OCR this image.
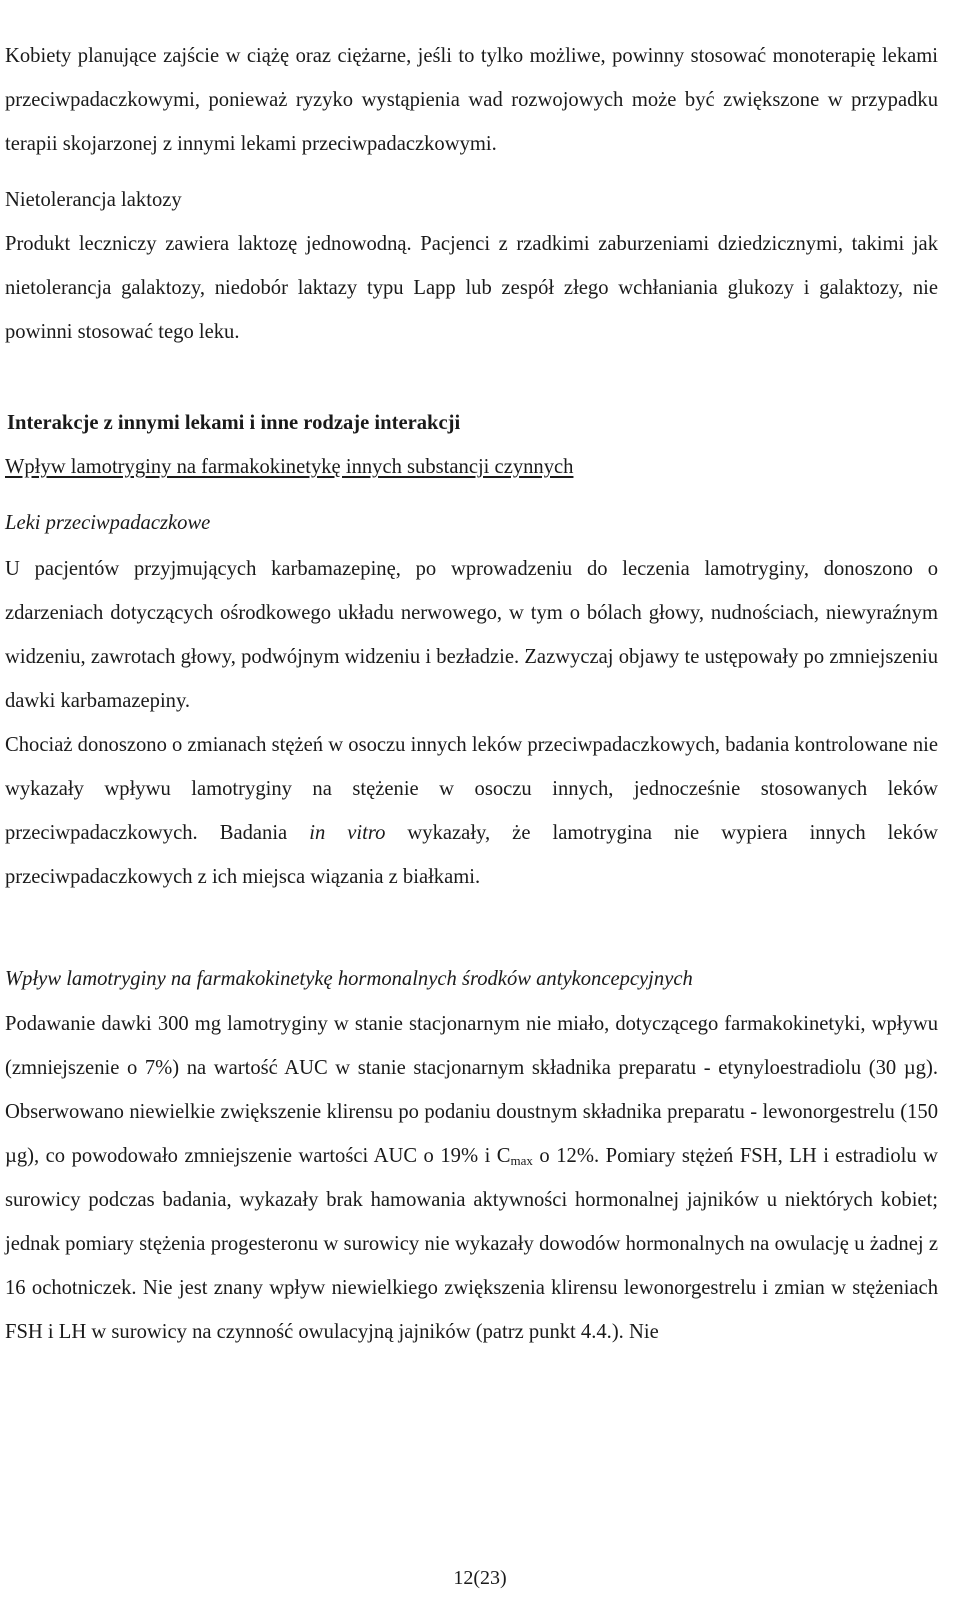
Kobiety planujące zajście w ciążę oraz ciężarne, jeśli to tylko możliwe, powinny stosować monoterapię lekami przeciwpadaczkowymi, ponieważ ryzyko wystąpienia wad rozwojowych może być zwiększone w przypadku terapii skojarzonej z innymi lekami przeciwpadaczkowymi.

Nietolerancja laktozy

Produkt leczniczy zawiera laktozę jednowodną. Pacjenci z rzadkimi zaburzeniami dziedzicznymi, takimi jak nietolerancja galaktozy, niedobór laktazy typu Lapp lub zespół złego wchłaniania glukozy i galaktozy, nie powinni stosować tego leku.

Interakcje z innymi lekami i inne rodzaje interakcji

Wpływ lamotryginy na farmakokinetykę innych substancji czynnych

Leki przeciwpadaczkowe

U pacjentów przyjmujących karbamazepinę, po wprowadzeniu do leczenia lamotryginy, donoszono o zdarzeniach dotyczących ośrodkowego układu nerwowego, w tym o bólach głowy, nudnościach, niewyraźnym widzeniu, zawrotach głowy, podwójnym widzeniu i bezładzie. Zazwyczaj objawy te ustępowały po zmniejszeniu dawki karbamazepiny.

Chociaż donoszono o zmianach stężeń w osoczu innych leków przeciwpadaczkowych, badania kontrolowane nie wykazały wpływu lamotryginy na stężenie w osoczu innych, jednocześnie stosowanych leków przeciwpadaczkowych. Badania in vitro wykazały, że lamotrygina nie wypiera innych leków przeciwpadaczkowych z ich miejsca wiązania z białkami.

Wpływ lamotryginy na farmakokinetykę hormonalnych środków antykoncepcyjnych

Podawanie dawki 300 mg lamotryginy w stanie stacjonarnym nie miało, dotyczącego farmakokinetyki, wpływu (zmniejszenie o 7%) na wartość AUC w stanie stacjonarnym składnika preparatu - etynyloestradiolu (30 µg). Obserwowano niewielkie zwiększenie klirensu po podaniu doustnym składnika preparatu - lewonorgestrelu (150 µg), co powodowało zmniejszenie wartości AUC o 19% i $C_{max}$ o 12%. Pomiary stężeń FSH, LH i estradiolu w surowicy podczas badania, wykazały brak hamowania aktywności hormonalnej jajników u niektórych kobiet; jednak pomiary stężenia progesteronu w surowicy nie wykazały dowodów hormonalnych na owulację u żadnej z 16 ochotniczek. Nie jest znany wpływ niewielkiego zwiększenia klirensu lewonorgestrelu i zmian w stężeniach FSH i LH w surowicy na czynność owulacyjną jajników (patrz punkt 4.4.). Nie

12(23)
